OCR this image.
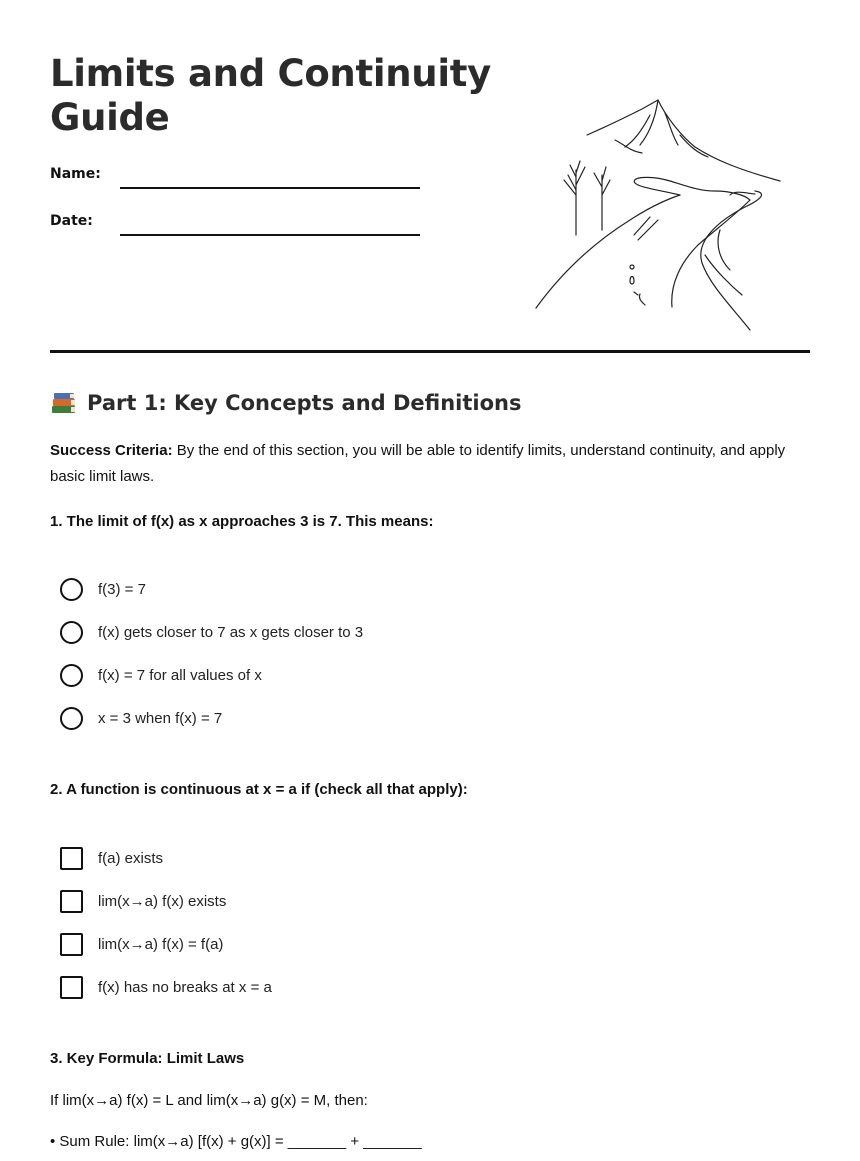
Limits and Continuity
Guide
Name:
Date:
Part 1: Key Concepts and Definitions
Success Criteria: By the end of this section, you will be able to identify limits, understand continuity, and apply basic limit laws.
1. The limit of f(x) as x approaches 3 is 7. This means:
f(3) = 7
f(x) gets closer to 7 as x gets closer to 3
f(x) = 7 for all values of x
x = 3 when f(x) = 7
2. A function is continuous at x = a if (check all that apply):
f(a) exists
lim(x→a) f(x) exists
lim(x→a) f(x) = f(a)
f(x) has no breaks at x = a
3. Key Formula: Limit Laws
If lim(x→a) f(x) = L and lim(x→a) g(x) = M, then:
• Sum Rule: lim(x→a) [f(x) + g(x)] = _______ + _______
